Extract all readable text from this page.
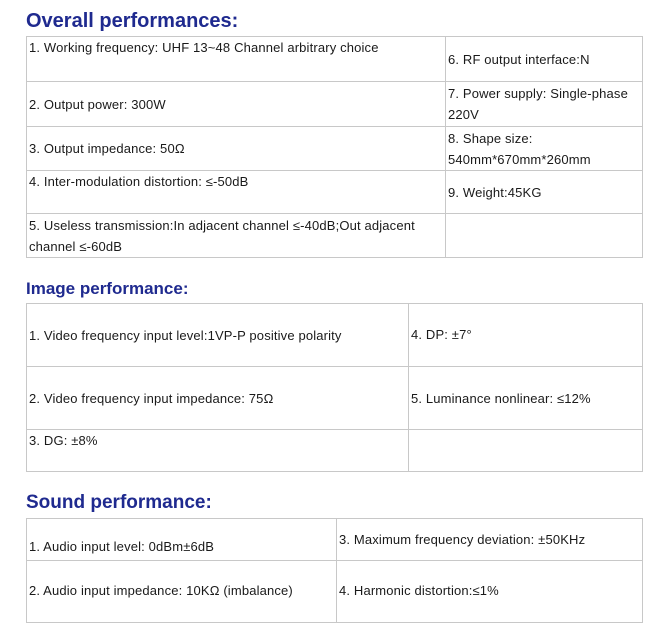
Overall performances:
1. Working frequency: UHF 13~48 Channel arbitrary choice	6. RF output interface:N
2. Output power: 300W	7. Power supply: Single-phase 220V
3. Output impedance: 50Ω	8. Shape size: 540mm*670mm*260mm
4. Inter-modulation distortion: ≤-50dB	9. Weight:45KG
5. Useless transmission:In adjacent channel ≤-40dB;Out adjacent channel ≤-60dB	
Image performance:
1. Video frequency input level:1VP-P positive polarity	4. DP: ±7°
2. Video frequency input impedance: 75Ω	5. Luminance nonlinear: ≤12%
3. DG: ±8%	
Sound performance:
1. Audio input level: 0dBm±6dB	3. Maximum frequency deviation: ±50KHz
2. Audio input impedance: 10KΩ (imbalance)	4. Harmonic distortion:≤1%
